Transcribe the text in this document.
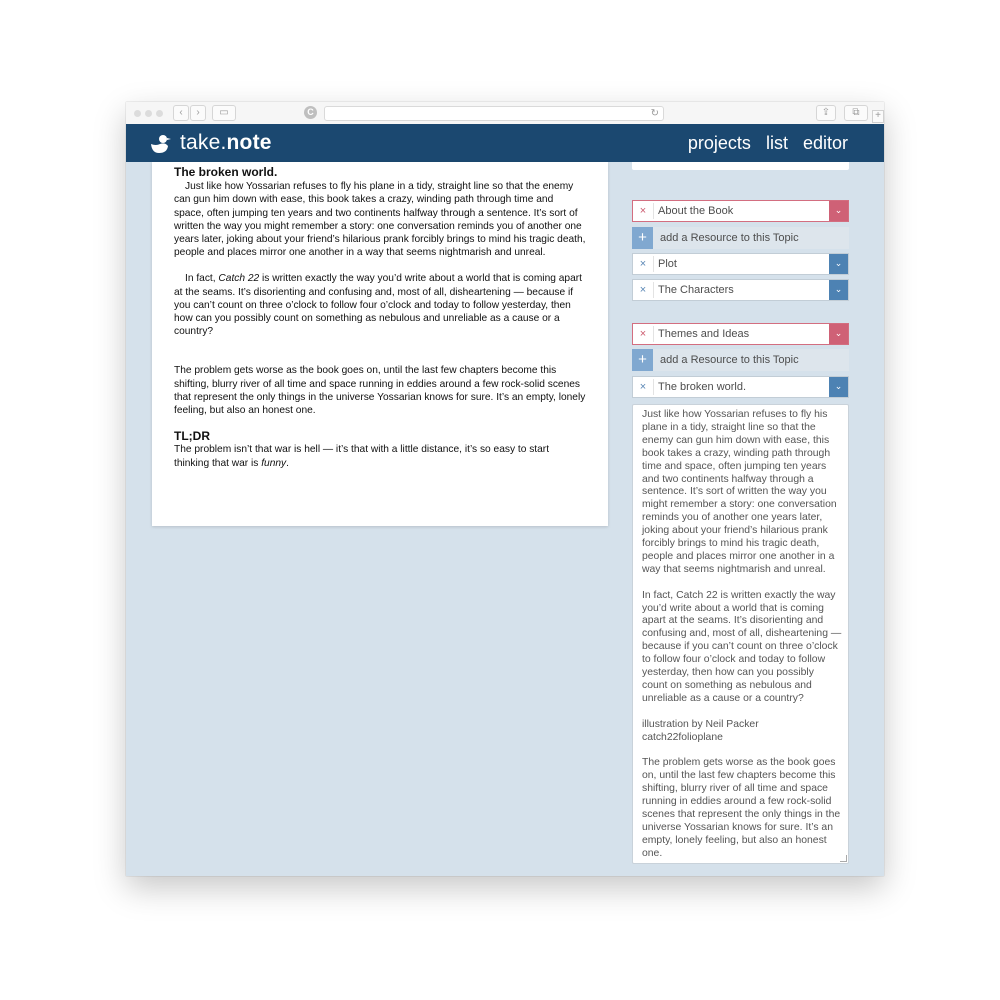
‹	›	▭	C	↻	⇪	⧉	+
take.note	projects list editor

The broken world.

Just like how Yossarian refuses to fly his plane in a tidy, straight line so that the enemy can gun him down with ease, this book takes a crazy, winding path through time and space, often jumping ten years and two continents halfway through a sentence. It’s sort of written the way you might remember a story: one conversation reminds you of another one years later, joking about your friend’s hilarious prank forcibly brings to mind his tragic death, people and places mirror one another in a way that seems nightmarish and unreal.

In fact, Catch 22 is written exactly the way you’d write about a world that is coming apart at the seams. It’s disorienting and confusing and, most of all, disheartening — because if you can’t count on three o’clock to follow four o’clock and today to follow yesterday, then how can you possibly count on something as nebulous and unreliable as a cause or a country?

The problem gets worse as the book goes on, until the last few chapters become this shifting, blurry river of all time and space running in eddies around a few rock-solid scenes that represent the only things in the universe Yossarian knows for sure. It’s an empty, lonely feeling, but also an honest one.

TL;DR

The problem isn’t that war is hell — it’s that with a little distance, it’s so easy to start thinking that war is funny.

×	About the Book	⌄
+	add a Resource to this Topic
×	Plot	⌄
×	The Characters	⌄
×	Themes and Ideas	⌄
+	add a Resource to this Topic
×	The broken world.	⌄

Just like how Yossarian refuses to fly his plane in a tidy, straight line so that the enemy can gun him down with ease, this book takes a crazy, winding path through time and space, often jumping ten years and two continents halfway through a sentence. It’s sort of written the way you might remember a story: one conversation reminds you of another one years later, joking about your friend’s hilarious prank forcibly brings to mind his tragic death, people and places mirror one another in a way that seems nightmarish and unreal.

In fact, Catch 22 is written exactly the way you’d write about a world that is coming apart at the seams. It’s disorienting and confusing and, most of all, disheartening — because if you can’t count on three o’clock to follow four o’clock and today to follow yesterday, then how can you possibly count on something as nebulous and unreliable as a cause or a country?

illustration by Neil Packer
catch22folioplane

The problem gets worse as the book goes on, until the last few chapters become this shifting, blurry river of all time and space running in eddies around a few rock-solid scenes that represent the only things in the universe Yossarian knows for sure. It’s an empty, lonely feeling, but also an honest one.
